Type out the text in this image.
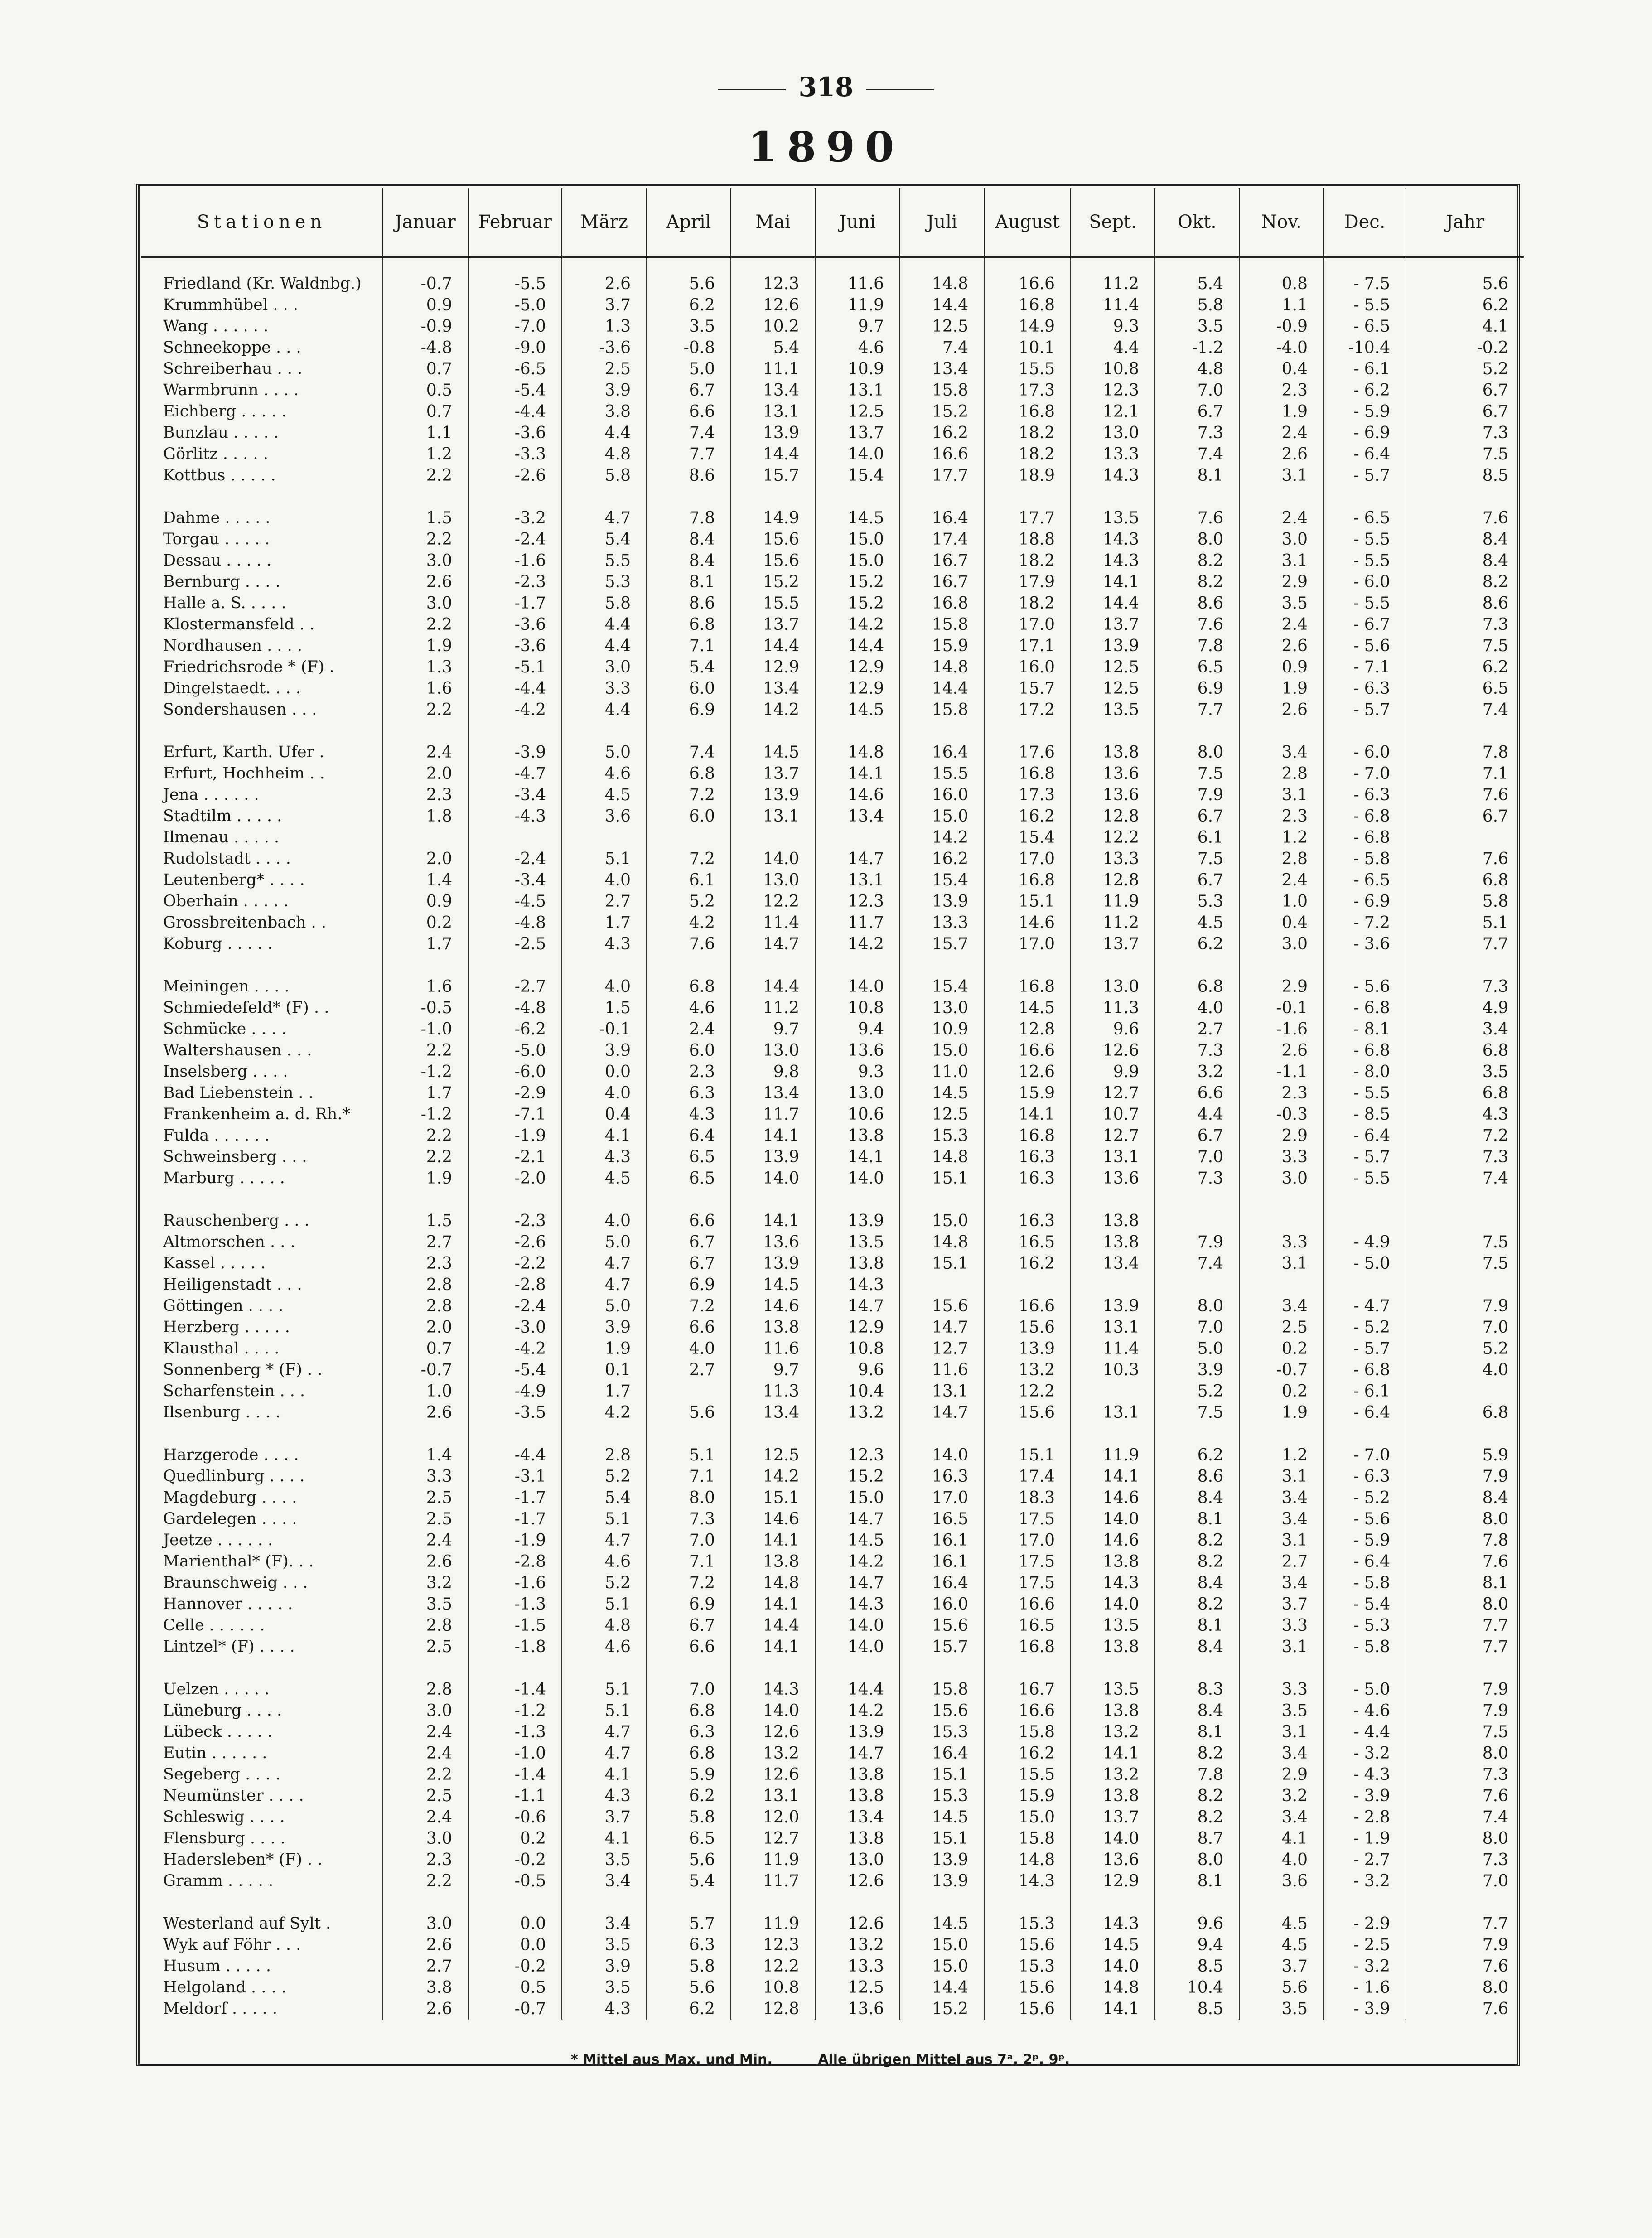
318
1890
Stationen	Januar	Februar	März	April	Mai	Juni	Juli	August	Sept.	Okt.	Nov.	Dec.	Jahr

Friedland (Kr. Waldnbg.)	-0.7	-5.5	2.6	5.6	12.3	11.6	14.8	16.6	11.2	5.4	0.8	- 7.5	5.6
Krummhübel . . .	0.9	-5.0	3.7	6.2	12.6	11.9	14.4	16.8	11.4	5.8	1.1	- 5.5	6.2
Wang . . . . . .	-0.9	-7.0	1.3	3.5	10.2	9.7	12.5	14.9	9.3	3.5	-0.9	- 6.5	4.1
Schneekoppe . . .	-4.8	-9.0	-3.6	-0.8	5.4	4.6	7.4	10.1	4.4	-1.2	-4.0	-10.4	-0.2
Schreiberhau . . .	0.7	-6.5	2.5	5.0	11.1	10.9	13.4	15.5	10.8	4.8	0.4	- 6.1	5.2
Warmbrunn . . . .	0.5	-5.4	3.9	6.7	13.4	13.1	15.8	17.3	12.3	7.0	2.3	- 6.2	6.7
Eichberg . . . . .	0.7	-4.4	3.8	6.6	13.1	12.5	15.2	16.8	12.1	6.7	1.9	- 5.9	6.7
Bunzlau . . . . .	1.1	-3.6	4.4	7.4	13.9	13.7	16.2	18.2	13.0	7.3	2.4	- 6.9	7.3
Görlitz . . . . .	1.2	-3.3	4.8	7.7	14.4	14.0	16.6	18.2	13.3	7.4	2.6	- 6.4	7.5
Kottbus . . . . .	2.2	-2.6	5.8	8.6	15.7	15.4	17.7	18.9	14.3	8.1	3.1	- 5.7	8.5

Dahme . . . . .	1.5	-3.2	4.7	7.8	14.9	14.5	16.4	17.7	13.5	7.6	2.4	- 6.5	7.6
Torgau . . . . .	2.2	-2.4	5.4	8.4	15.6	15.0	17.4	18.8	14.3	8.0	3.0	- 5.5	8.4
Dessau . . . . .	3.0	-1.6	5.5	8.4	15.6	15.0	16.7	18.2	14.3	8.2	3.1	- 5.5	8.4
Bernburg . . . .	2.6	-2.3	5.3	8.1	15.2	15.2	16.7	17.9	14.1	8.2	2.9	- 6.0	8.2
Halle a. S. . . . .	3.0	-1.7	5.8	8.6	15.5	15.2	16.8	18.2	14.4	8.6	3.5	- 5.5	8.6
Klostermansfeld . .	2.2	-3.6	4.4	6.8	13.7	14.2	15.8	17.0	13.7	7.6	2.4	- 6.7	7.3
Nordhausen . . . .	1.9	-3.6	4.4	7.1	14.4	14.4	15.9	17.1	13.9	7.8	2.6	- 5.6	7.5
Friedrichsrode * (F) .	1.3	-5.1	3.0	5.4	12.9	12.9	14.8	16.0	12.5	6.5	0.9	- 7.1	6.2
Dingelstaedt. . . .	1.6	-4.4	3.3	6.0	13.4	12.9	14.4	15.7	12.5	6.9	1.9	- 6.3	6.5
Sondershausen . . .	2.2	-4.2	4.4	6.9	14.2	14.5	15.8	17.2	13.5	7.7	2.6	- 5.7	7.4

Erfurt, Karth. Ufer .	2.4	-3.9	5.0	7.4	14.5	14.8	16.4	17.6	13.8	8.0	3.4	- 6.0	7.8
Erfurt, Hochheim . .	2.0	-4.7	4.6	6.8	13.7	14.1	15.5	16.8	13.6	7.5	2.8	- 7.0	7.1
Jena . . . . . .	2.3	-3.4	4.5	7.2	13.9	14.6	16.0	17.3	13.6	7.9	3.1	- 6.3	7.6
Stadtilm . . . . .	1.8	-4.3	3.6	6.0	13.1	13.4	15.0	16.2	12.8	6.7	2.3	- 6.8	6.7
Ilmenau . . . . .							14.2	15.4	12.2	6.1	1.2	- 6.8	
Rudolstadt . . . .	2.0	-2.4	5.1	7.2	14.0	14.7	16.2	17.0	13.3	7.5	2.8	- 5.8	7.6
Leutenberg* . . . .	1.4	-3.4	4.0	6.1	13.0	13.1	15.4	16.8	12.8	6.7	2.4	- 6.5	6.8
Oberhain . . . . .	0.9	-4.5	2.7	5.2	12.2	12.3	13.9	15.1	11.9	5.3	1.0	- 6.9	5.8
Grossbreitenbach . .	0.2	-4.8	1.7	4.2	11.4	11.7	13.3	14.6	11.2	4.5	0.4	- 7.2	5.1
Koburg . . . . .	1.7	-2.5	4.3	7.6	14.7	14.2	15.7	17.0	13.7	6.2	3.0	- 3.6	7.7

Meiningen . . . .	1.6	-2.7	4.0	6.8	14.4	14.0	15.4	16.8	13.0	6.8	2.9	- 5.6	7.3
Schmiedefeld* (F) . .	-0.5	-4.8	1.5	4.6	11.2	10.8	13.0	14.5	11.3	4.0	-0.1	- 6.8	4.9
Schmücke . . . .	-1.0	-6.2	-0.1	2.4	9.7	9.4	10.9	12.8	9.6	2.7	-1.6	- 8.1	3.4
Waltershausen . . .	2.2	-5.0	3.9	6.0	13.0	13.6	15.0	16.6	12.6	7.3	2.6	- 6.8	6.8
Inselsberg . . . .	-1.2	-6.0	0.0	2.3	9.8	9.3	11.0	12.6	9.9	3.2	-1.1	- 8.0	3.5
Bad Liebenstein . .	1.7	-2.9	4.0	6.3	13.4	13.0	14.5	15.9	12.7	6.6	2.3	- 5.5	6.8
Frankenheim a. d. Rh.*	-1.2	-7.1	0.4	4.3	11.7	10.6	12.5	14.1	10.7	4.4	-0.3	- 8.5	4.3
Fulda . . . . . .	2.2	-1.9	4.1	6.4	14.1	13.8	15.3	16.8	12.7	6.7	2.9	- 6.4	7.2
Schweinsberg . . .	2.2	-2.1	4.3	6.5	13.9	14.1	14.8	16.3	13.1	7.0	3.3	- 5.7	7.3
Marburg . . . . .	1.9	-2.0	4.5	6.5	14.0	14.0	15.1	16.3	13.6	7.3	3.0	- 5.5	7.4

Rauschenberg . . .	1.5	-2.3	4.0	6.6	14.1	13.9	15.0	16.3	13.8				
Altmorschen . . .	2.7	-2.6	5.0	6.7	13.6	13.5	14.8	16.5	13.8	7.9	3.3	- 4.9	7.5
Kassel . . . . .	2.3	-2.2	4.7	6.7	13.9	13.8	15.1	16.2	13.4	7.4	3.1	- 5.0	7.5
Heiligenstadt . . .	2.8	-2.8	4.7	6.9	14.5	14.3							
Göttingen . . . .	2.8	-2.4	5.0	7.2	14.6	14.7	15.6	16.6	13.9	8.0	3.4	- 4.7	7.9
Herzberg . . . . .	2.0	-3.0	3.9	6.6	13.8	12.9	14.7	15.6	13.1	7.0	2.5	- 5.2	7.0
Klausthal . . . .	0.7	-4.2	1.9	4.0	11.6	10.8	12.7	13.9	11.4	5.0	0.2	- 5.7	5.2
Sonnenberg * (F) . .	-0.7	-5.4	0.1	2.7	9.7	9.6	11.6	13.2	10.3	3.9	-0.7	- 6.8	4.0
Scharfenstein . . .	1.0	-4.9	1.7		11.3	10.4	13.1	12.2		5.2	0.2	- 6.1	
Ilsenburg . . . .	2.6	-3.5	4.2	5.6	13.4	13.2	14.7	15.6	13.1	7.5	1.9	- 6.4	6.8

Harzgerode . . . .	1.4	-4.4	2.8	5.1	12.5	12.3	14.0	15.1	11.9	6.2	1.2	- 7.0	5.9
Quedlinburg . . . .	3.3	-3.1	5.2	7.1	14.2	15.2	16.3	17.4	14.1	8.6	3.1	- 6.3	7.9
Magdeburg . . . .	2.5	-1.7	5.4	8.0	15.1	15.0	17.0	18.3	14.6	8.4	3.4	- 5.2	8.4
Gardelegen . . . .	2.5	-1.7	5.1	7.3	14.6	14.7	16.5	17.5	14.0	8.1	3.4	- 5.6	8.0
Jeetze . . . . . .	2.4	-1.9	4.7	7.0	14.1	14.5	16.1	17.0	14.6	8.2	3.1	- 5.9	7.8
Marienthal* (F). . .	2.6	-2.8	4.6	7.1	13.8	14.2	16.1	17.5	13.8	8.2	2.7	- 6.4	7.6
Braunschweig . . .	3.2	-1.6	5.2	7.2	14.8	14.7	16.4	17.5	14.3	8.4	3.4	- 5.8	8.1
Hannover . . . . .	3.5	-1.3	5.1	6.9	14.1	14.3	16.0	16.6	14.0	8.2	3.7	- 5.4	8.0
Celle . . . . . .	2.8	-1.5	4.8	6.7	14.4	14.0	15.6	16.5	13.5	8.1	3.3	- 5.3	7.7
Lintzel* (F) . . . .	2.5	-1.8	4.6	6.6	14.1	14.0	15.7	16.8	13.8	8.4	3.1	- 5.8	7.7

Uelzen . . . . .	2.8	-1.4	5.1	7.0	14.3	14.4	15.8	16.7	13.5	8.3	3.3	- 5.0	7.9
Lüneburg . . . .	3.0	-1.2	5.1	6.8	14.0	14.2	15.6	16.6	13.8	8.4	3.5	- 4.6	7.9
Lübeck . . . . .	2.4	-1.3	4.7	6.3	12.6	13.9	15.3	15.8	13.2	8.1	3.1	- 4.4	7.5
Eutin . . . . . .	2.4	-1.0	4.7	6.8	13.2	14.7	16.4	16.2	14.1	8.2	3.4	- 3.2	8.0
Segeberg . . . .	2.2	-1.4	4.1	5.9	12.6	13.8	15.1	15.5	13.2	7.8	2.9	- 4.3	7.3
Neumünster . . . .	2.5	-1.1	4.3	6.2	13.1	13.8	15.3	15.9	13.8	8.2	3.2	- 3.9	7.6
Schleswig . . . .	2.4	-0.6	3.7	5.8	12.0	13.4	14.5	15.0	13.7	8.2	3.4	- 2.8	7.4
Flensburg . . . .	3.0	0.2	4.1	6.5	12.7	13.8	15.1	15.8	14.0	8.7	4.1	- 1.9	8.0
Hadersleben* (F) . .	2.3	-0.2	3.5	5.6	11.9	13.0	13.9	14.8	13.6	8.0	4.0	- 2.7	7.3
Gramm . . . . .	2.2	-0.5	3.4	5.4	11.7	12.6	13.9	14.3	12.9	8.1	3.6	- 3.2	7.0

Westerland auf Sylt .	3.0	0.0	3.4	5.7	11.9	12.6	14.5	15.3	14.3	9.6	4.5	- 2.9	7.7
Wyk auf Föhr . . .	2.6	0.0	3.5	6.3	12.3	13.2	15.0	15.6	14.5	9.4	4.5	- 2.5	7.9
Husum . . . . .	2.7	-0.2	3.9	5.8	12.2	13.3	15.0	15.3	14.0	8.5	3.7	- 3.2	7.6
Helgoland . . . .	3.8	0.5	3.5	5.6	10.8	12.5	14.4	15.6	14.8	10.4	5.6	- 1.6	8.0
Meldorf . . . . .	2.6	-0.7	4.3	6.2	12.8	13.6	15.2	15.6	14.1	8.5	3.5	- 3.9	7.6
* Mittel aus Max. und Min.	Alle übrigen Mittel aus 7ᵃ, 2ᵖ, 9ᵖ.
